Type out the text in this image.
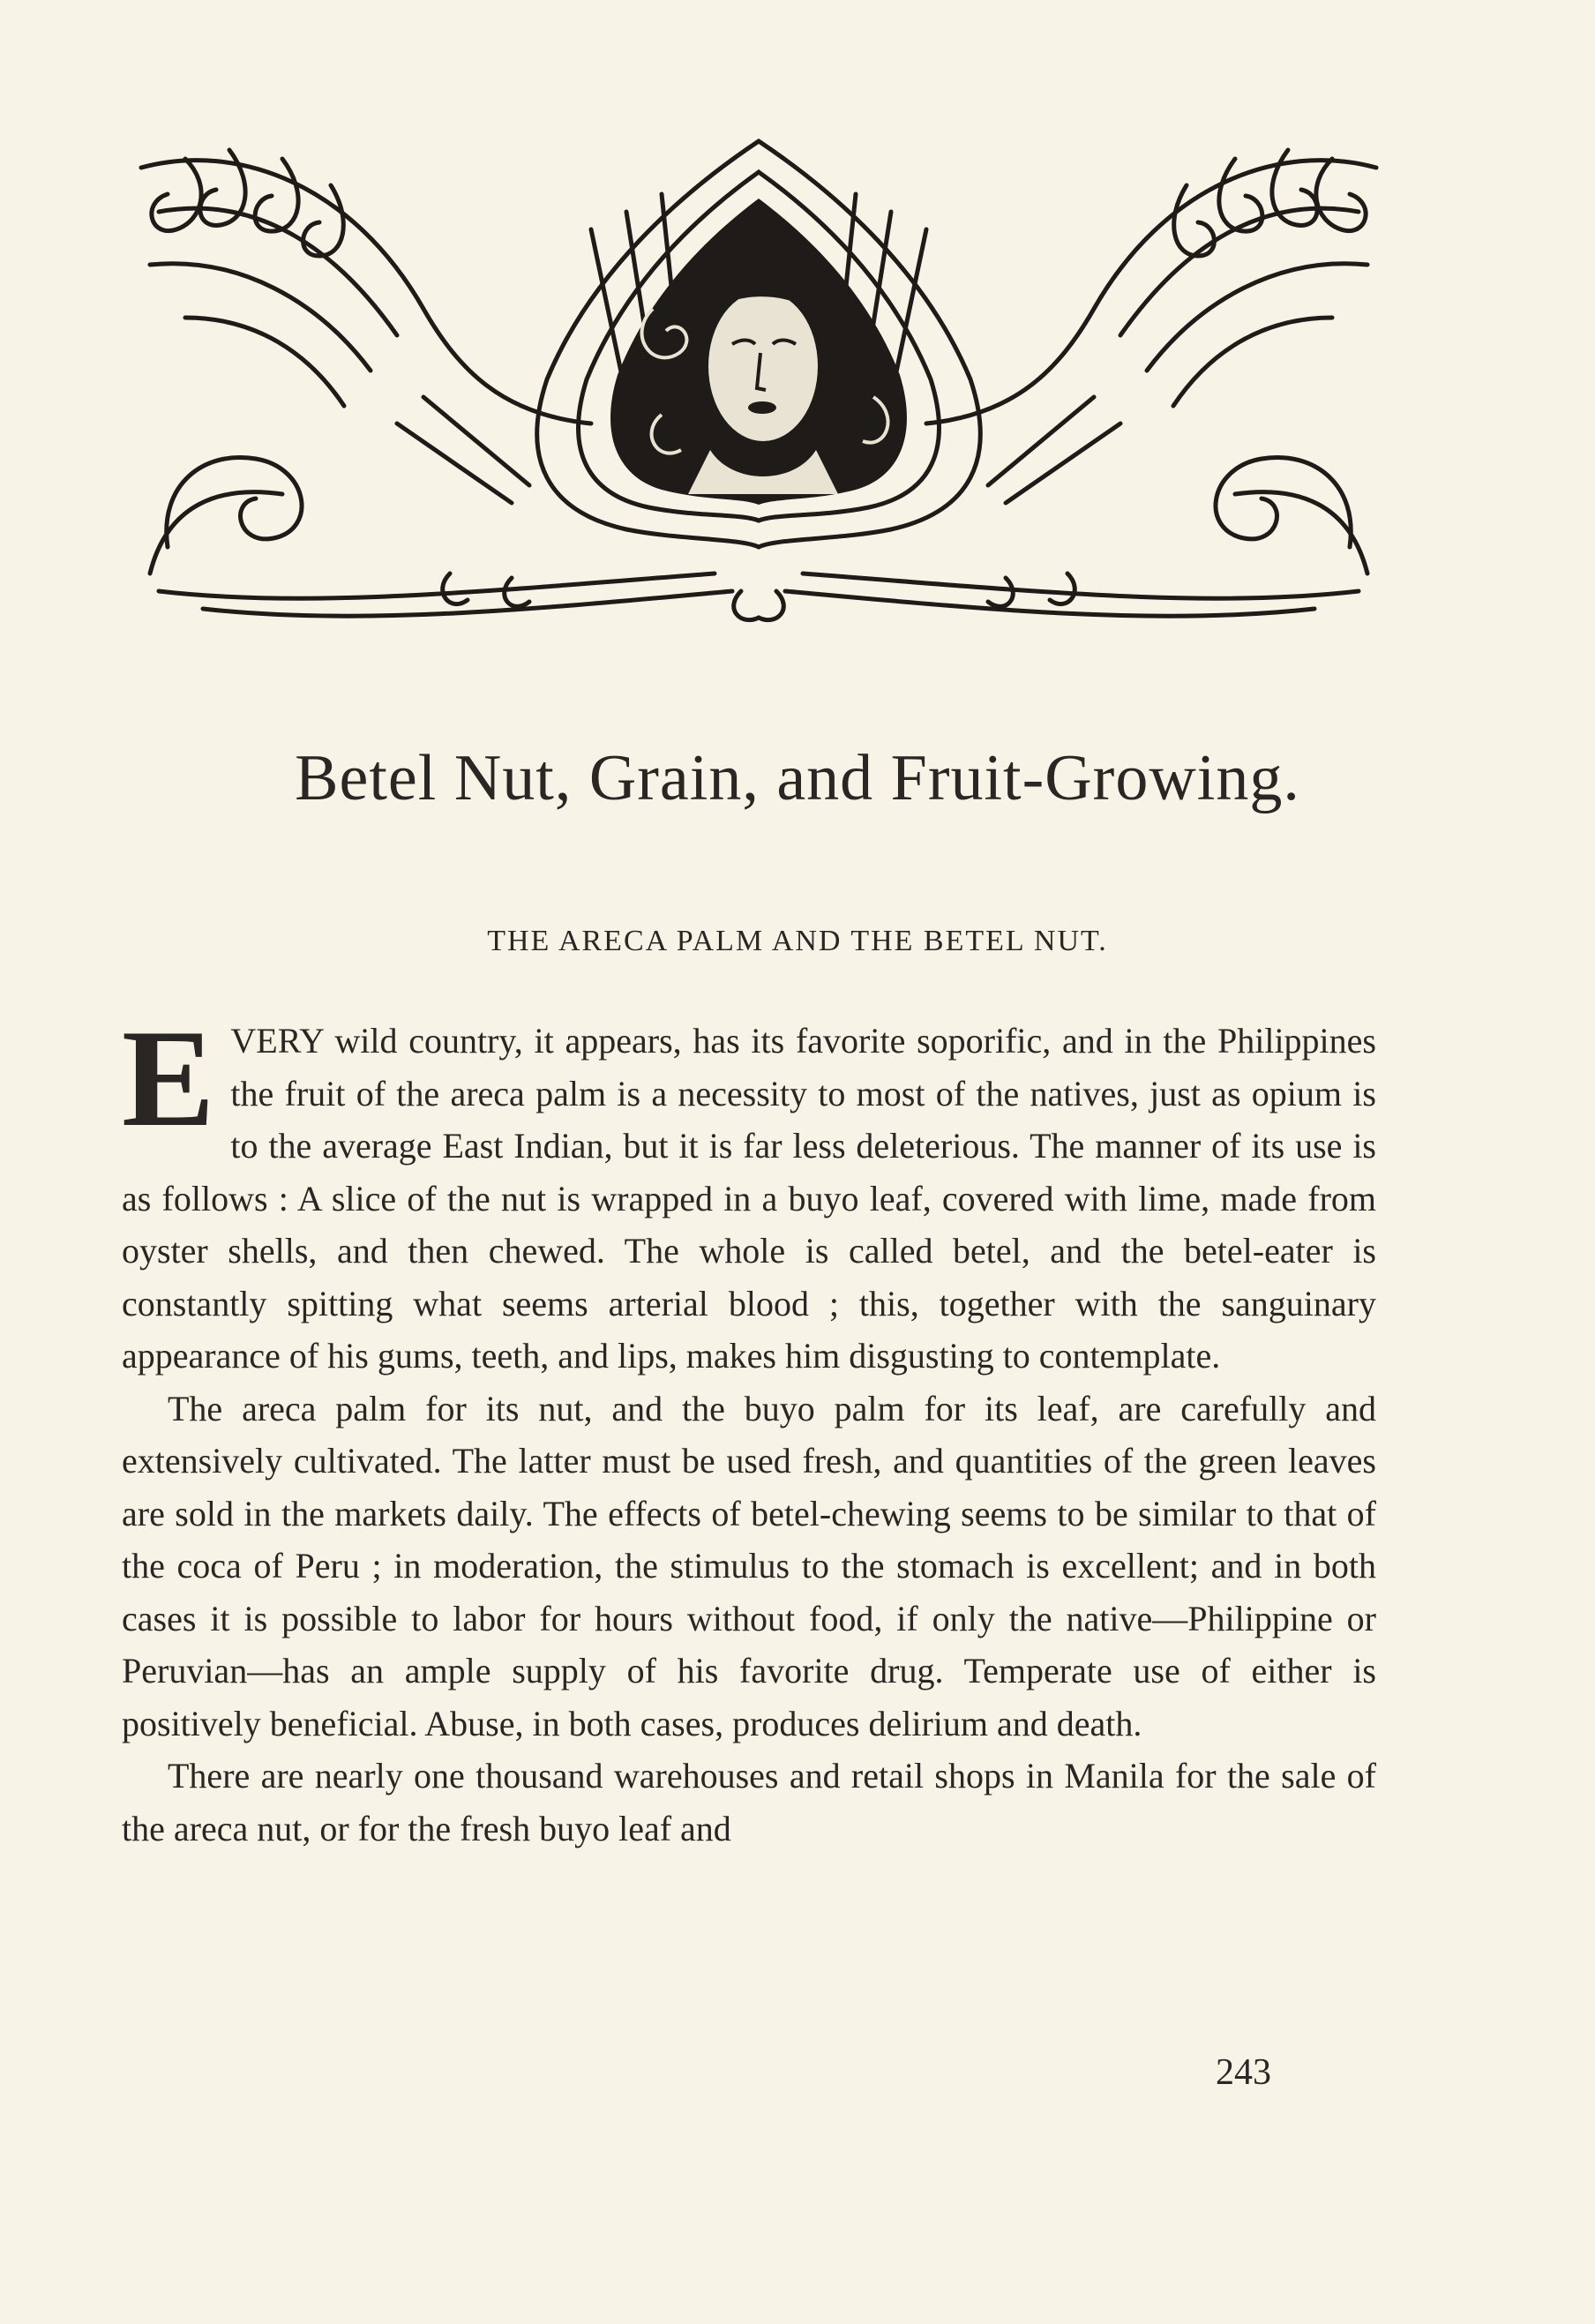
Betel Nut, Grain, and Fruit-Growing.
THE ARECA PALM AND THE BETEL NUT.

EVERY wild country, it appears, has its favorite soporific, and in the Philippines the fruit of the areca palm is a necessity to most of the natives, just as opium is to the average East Indian, but it is far less deleterious. The manner of its use is as follows : A slice of the nut is wrapped in a buyo leaf, covered with lime, made from oyster shells, and then chewed. The whole is called betel, and the betel-eater is constantly spitting what seems arterial blood ; this, together with the sanguinary appearance of his gums, teeth, and lips, makes him disgusting to contemplate.

The areca palm for its nut, and the buyo palm for its leaf, are carefully and extensively cultivated. The latter must be used fresh, and quantities of the green leaves are sold in the markets daily. The effects of betel-chewing seems to be similar to that of the coca of Peru ; in moderation, the stimulus to the stomach is excellent; and in both cases it is possible to labor for hours without food, if only the native—Philippine or Peruvian—has an ample supply of his favorite drug. Temperate use of either is positively beneficial. Abuse, in both cases, produces delirium and death.

There are nearly one thousand warehouses and retail shops in Manila for the sale of the areca nut, or for the fresh buyo leaf and

243
